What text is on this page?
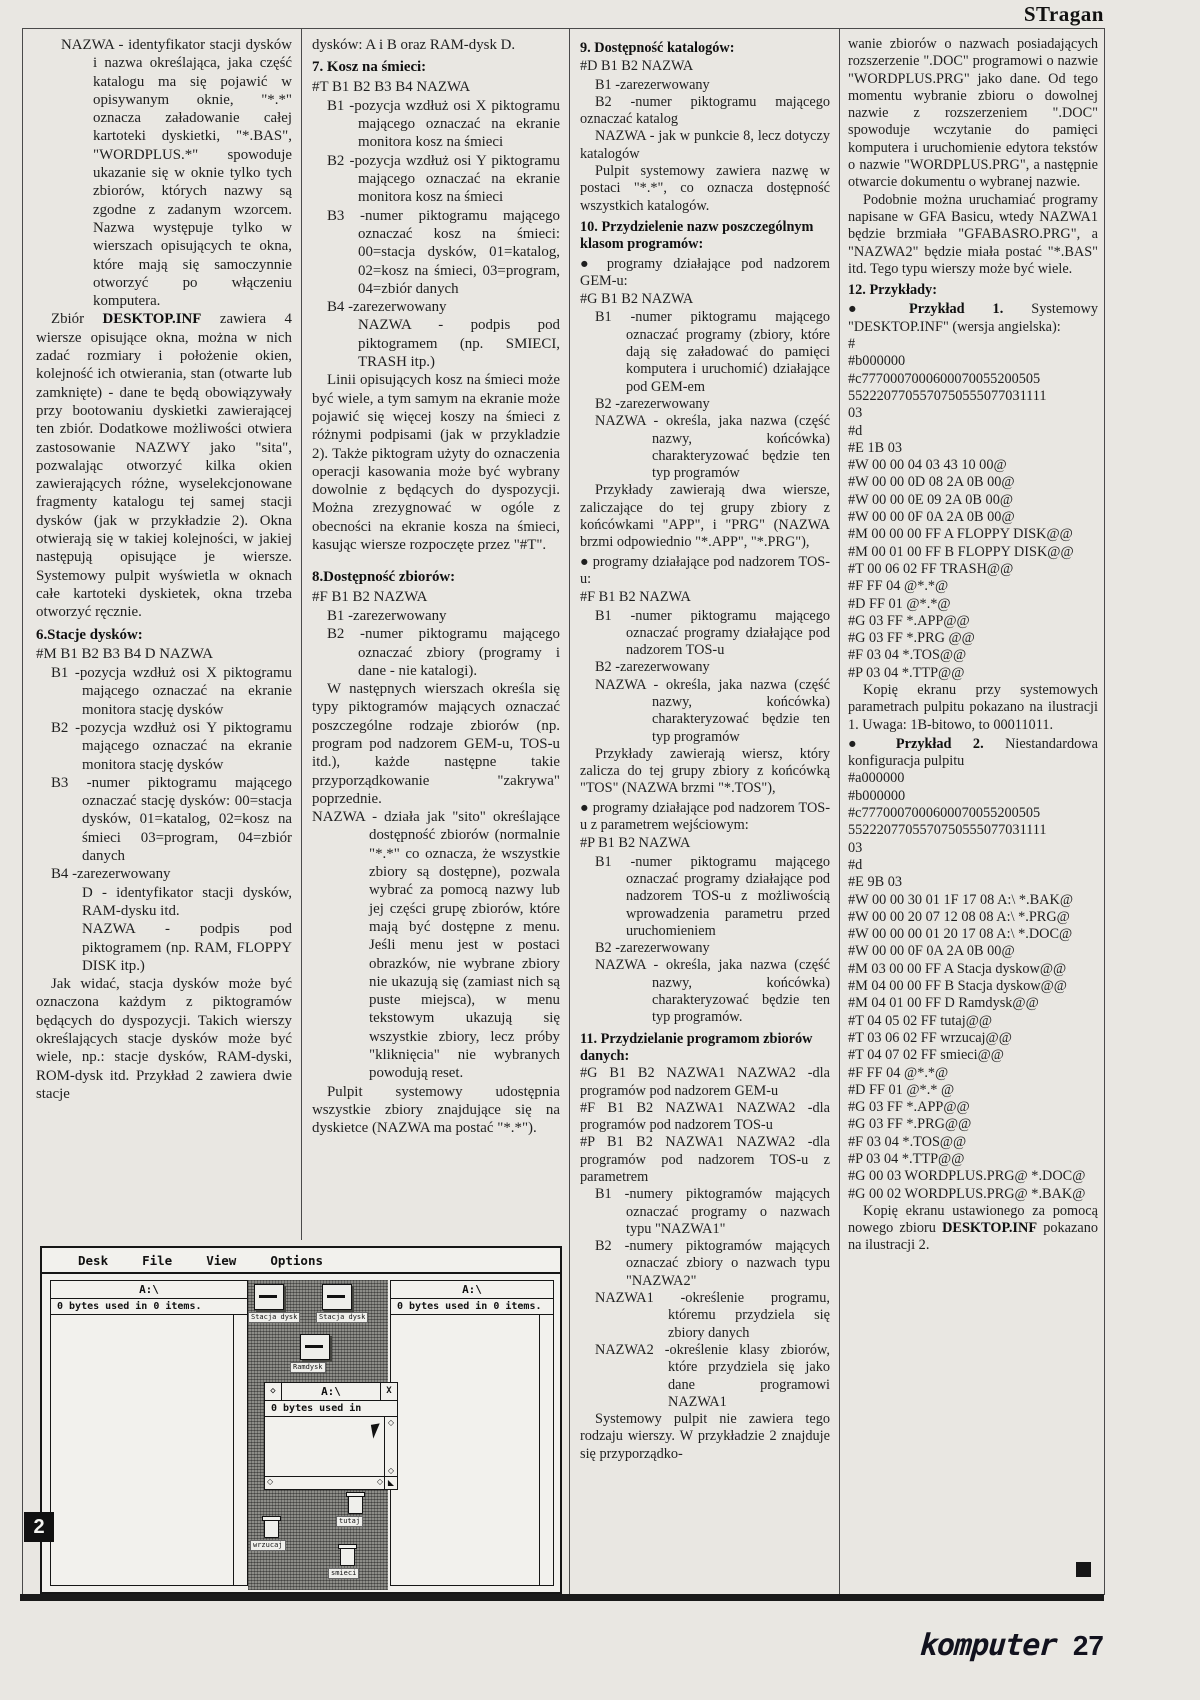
STragan
NAZWA - identyfikator stacji dysków i nazwa określająca, jaka część katalogu ma się pojawić w opisywanym oknie, "*.*" oznacza załadowanie całej kartoteki dyskietki, "*.BAS", "WORDPLUS.*" spowoduje ukazanie się w oknie tylko tych zbiorów, których nazwy są zgodne z zadanym wzorcem. Nazwa występuje tylko w wierszach opisujących te okna, które mają się samoczynnie otworzyć po włączeniu komputera.
Zbiór DESKTOP.INF zawiera 4 wiersze opisujące okna, można w nich zadać rozmiary i położenie okien, kolejność ich otwierania, stan (otwarte lub zamknięte) - dane te będą obowiązywały przy bootowaniu dyskietki zawierającej ten zbiór. Dodatkowe możliwości otwiera zastosowanie NAZWY jako "sita", pozwalając otworzyć kilka okien zawierających różne, wyselekcjonowane fragmenty katalogu tej samej stacji dysków (jak w przykładzie 2). Okna otwierają się w takiej kolejności, w jakiej następują opisujące je wiersze. Systemowy pulpit wyświetla w oknach całe kartoteki dyskietek, okna trzeba otworzyć ręcznie.
6.Stacje dysków:
#M B1 B2 B3 B4 D NAZWA
B1 -pozycja wzdłuż osi X piktogramu mającego oznaczać na ekranie monitora stację dysków
B2 -pozycja wzdłuż osi Y piktogramu mającego oznaczać na ekranie monitora stację dysków
B3 -numer piktogramu mającego oznaczać stację dysków: 00=stacja dysków, 01=katalog, 02=kosz na śmieci 03=program, 04=zbiór danych
B4 -zarezerwowany
D - identyfikator stacji dysków, RAM-dysku itd.
NAZWA - podpis pod piktogramem (np. RAM, FLOPPY DISK itp.)
Jak widać, stacja dysków może być oznaczona każdym z piktogramów będących do dyspozycji. Takich wierszy określających stacje dysków może być wiele, np.: stacje dysków, RAM-dyski, ROM-dysk itd. Przykład 2 zawiera dwie stacje
dysków: A i B oraz RAM-dysk D.
7. Kosz na śmieci:
#T B1 B2 B3 B4 NAZWA
B1 -pozycja wzdłuż osi X piktogramu mającego oznaczać na ekranie monitora kosz na śmieci
B2 -pozycja wzdłuż osi Y piktogramu mającego oznaczać na ekranie monitora kosz na śmieci
B3 -numer piktogramu mającego oznaczać kosz na śmieci: 00=stacja dysków, 01=katalog, 02=kosz na śmieci, 03=program, 04=zbiór danych
B4 -zarezerwowany
NAZWA - podpis pod piktogramem (np. SMIECI, TRASH itp.)
Linii opisujących kosz na śmieci może być wiele, a tym samym na ekranie może pojawić się więcej koszy na śmieci z różnymi podpisami (jak w przykladzie 2). Także piktogram użyty do oznaczenia operacji kasowania może być wybrany dowolnie z będących do dyspozycji. Można zrezygnować w ogóle z obecności na ekranie kosza na śmieci, kasując wiersze rozpoczęte przez "#T".
8.Dostępność zbiorów:
#F B1 B2 NAZWA
B1 -zarezerwowany
B2 -numer piktogramu mającego oznaczać zbiory (programy i dane - nie katalogi).
W następnych wierszach określa się typy piktogramów mających oznaczać poszczególne rodzaje zbiorów (np. program pod nadzorem GEM-u, TOS-u itd.), każde następne takie przyporządkowanie "zakrywa" poprzednie.
NAZWA - działa jak "sito" określające dostępność zbiorów (normalnie "*.*" co oznacza, że wszystkie zbiory są dostępne), pozwala wybrać za pomocą nazwy lub jej części grupę zbiorów, które mają być dostępne z menu. Jeśli menu jest w postaci obrazków, nie wybrane zbiory nie ukazują się (zamiast nich są puste miejsca), w menu tekstowym ukazują się wszystkie zbiory, lecz próby "kliknięcia" nie wybranych powodują reset.
Pulpit systemowy udostępnia wszystkie zbiory znajdujące się na dyskietce (NAZWA ma postać "*.*").
9. Dostępność katalogów:
#D B1 B2 NAZWA
B1 -zarezerwowany
B2 -numer piktogramu mającego oznaczać katalog
NAZWA - jak w punkcie 8, lecz dotyczy katalogów
Pulpit systemowy zawiera nazwę w postaci "*.*", co oznacza dostępność wszystkich katalogów.
10. Przydzielenie nazw poszczególnym klasom programów:
● programy działające pod nadzorem GEM-u:
#G B1 B2 NAZWA
B1 -numer piktogramu mającego oznaczać programy (zbiory, które dają się załadować do pamięci komputera i uruchomić) działające pod GEM-em
B2 -zarezerwowany
NAZWA - określa, jaka nazwa (część nazwy, końcówka) charakteryzować będzie ten typ programów
Przykłady zawierają dwa wiersze, zaliczające do tej grupy zbiory z końcówkami "APP", i "PRG" (NAZWA brzmi odpowiednio "*.APP", "*.PRG"),
● programy działające pod nadzorem TOS-u:
#F B1 B2 NAZWA
B1 -numer piktogramu mającego oznaczać programy działające pod nadzorem TOS-u
B2 -zarezerwowany
NAZWA - określa, jaka nazwa (część nazwy, końcówka) charakteryzować będzie ten typ programów
Przykłady zawierają wiersz, który zalicza do tej grupy zbiory z końcówką "TOS" (NAZWA brzmi "*.TOS"),
● programy działające pod nadzorem TOS-u z parametrem wejściowym:
#P B1 B2 NAZWA
B1 -numer piktogramu mającego oznaczać programy działające pod nadzorem TOS-u z możliwością wprowadzenia parametru przed uruchomieniem
B2 -zarezerwowany
NAZWA - określa, jaka nazwa (część nazwy, końcówka) charakteryzować będzie ten typ programów.
11. Przydzielanie programom zbiorów danych:
#G B1 B2 NAZWA1 NAZWA2 -dla programów pod nadzorem GEM-u
#F B1 B2 NAZWA1 NAZWA2 -dla programów pod nadzorem TOS-u
#P B1 B2 NAZWA1 NAZWA2 -dla programów pod nadzorem TOS-u z parametrem
B1 -numery piktogramów mających oznaczać programy o nazwach typu "NAZWA1"
B2 -numery piktogramów mających oznaczać zbiory o nazwach typu "NAZWA2"
NAZWA1 -określenie programu, któremu przydziela się zbiory danych
NAZWA2 -określenie klasy zbiorów, które przydziela się jako dane programowi NAZWA1
Systemowy pulpit nie zawiera tego rodzaju wierszy. W przykładzie 2 znajduje się przyporządko-
wanie zbiorów o nazwach posiadających rozszerzenie ".DOC" programowi o nazwie "WORDPLUS.PRG" jako dane. Od tego momentu wybranie zbioru o dowolnej nazwie z rozszerzeniem ".DOC" spowoduje wczytanie do pamięci komputera i uruchomienie edytora tekstów o nazwie "WORDPLUS.PRG", a następnie otwarcie dokumentu o wybranej nazwie.
Podobnie można uruchamiać programy napisane w GFA Basicu, wtedy NAZWA1 będzie brzmiała "GFABASRO.PRG", a "NAZWA2" będzie miała postać "*.BAS" itd. Tego typu wierszy może być wiele.
12. Przykłady:
● Przykład 1. Systemowy "DESKTOP.INF" (wersja angielska):
#
#b000000
#c7770007000600070055200505
5522207705570750555077031111
03
#d
#E 1B 03
#W 00 00 04 03 43 10 00@
#W 00 00 0D 08 2A 0B 00@
#W 00 00 0E 09 2A 0B 00@
#W 00 00 0F 0A 2A 0B 00@
#M 00 00 00 FF A FLOPPY DISK@@
#M 00 01 00 FF B FLOPPY DISK@@
#T 00 06 02 FF TRASH@@
#F FF 04 @*.*@
#D FF 01 @*.*@
#G 03 FF *.APP@@
#G 03 FF *.PRG @@
#F 03 04 *.TOS@@
#P 03 04 *.TTP@@
Kopię ekranu przy systemowych parametrach pulpitu pokazano na ilustracji 1. Uwaga: 1B-bitowo, to 00011011.
● Przykład 2. Niestandardowa konfiguracja pulpitu
#a000000
#b000000
#c7770007000600070055200505
5522207705570750555077031111
03
#d
#E 9B 03
#W 00 00 30 01 1F 17 08 A:\ *.BAK@
#W 00 00 20 07 12 08 08 A:\ *.PRG@
#W 00 00 00 01 20 17 08 A:\ *.DOC@
#W 00 00 0F 0A 2A 0B 00@
#M 03 00 00 FF A Stacja dyskow@@
#M 04 00 00 FF B Stacja dyskow@@
#M 04 01 00 FF D Ramdysk@@
#T 04 05 02 FF tutaj@@
#T 03 06 02 FF wrzucaj@@
#T 04 07 02 FF smieci@@
#F FF 04 @*.*@
#D FF 01 @*.* @
#G 03 FF *.APP@@
#G 03 FF *.PRG@@
#F 03 04 *.TOS@@
#P 03 04 *.TTP@@
#G 00 03 WORDPLUS.PRG@ *.DOC@
#G 00 02 WORDPLUS.PRG@ *.BAK@
Kopię ekranu ustawionego za pomocą nowego zbioru DESKTOP.INF pokazano na ilustracji 2.
Desk	File	View	Options
Stacja dysk	Stacja dysk
Ramdysk
tutaj
wrzucaj
smieci
A:\
0 bytes used in 0 items.
A:\
0 bytes used in 0 items.
◇	A:\	X
0 bytes used in
◇
◇
◇	◇ ◣
2
komputer 27
